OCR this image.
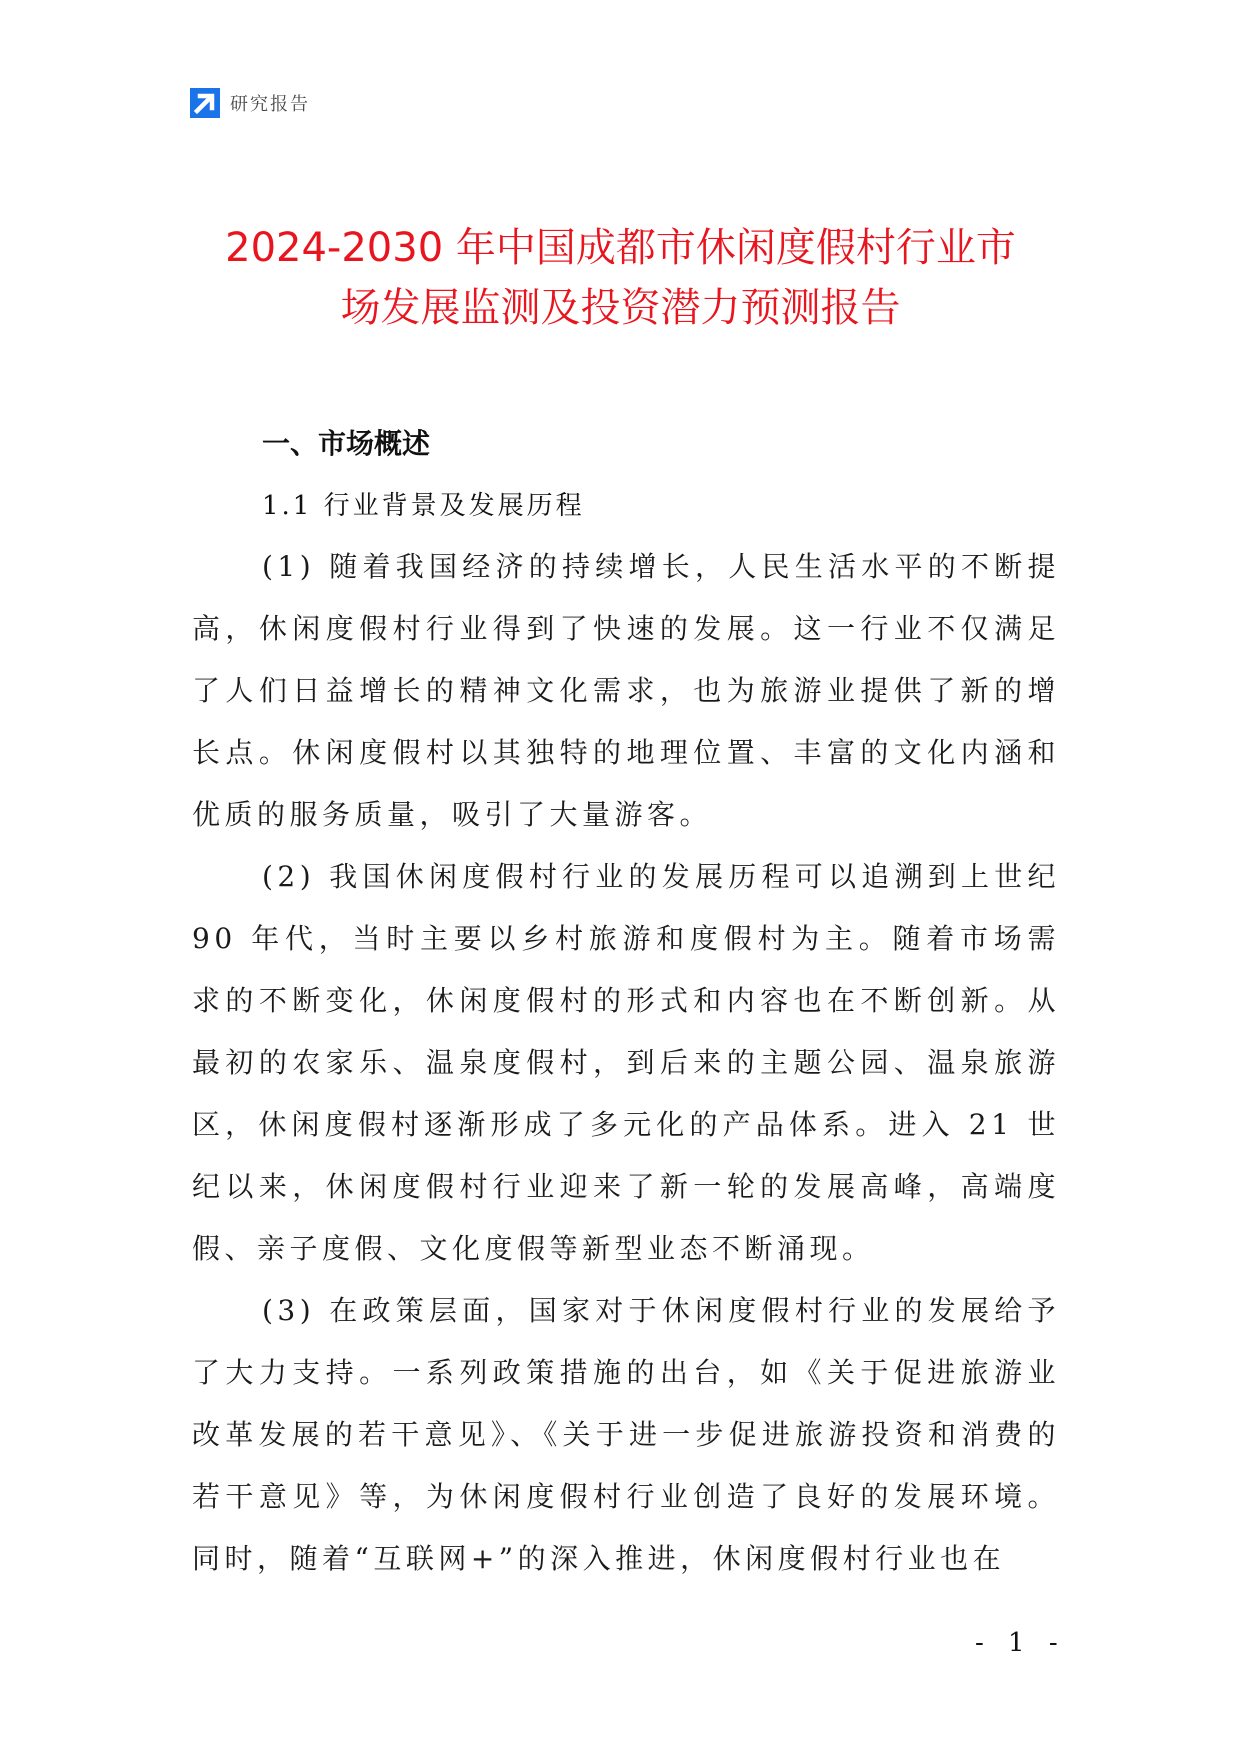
研究报告
2024-2030 年中国成都市休闲度假村行业市
场发展监测及投资潜力预测报告
一、市场概述
1.1 行业背景及发展历程

(1) 随着我国经济的持续增长，人民生活水平的不断提高，休闲度假村行业得到了快速的发展。这一行业不仅满足了人们日益增长的精神文化需求，也为旅游业提供了新的增长点。休闲度假村以其独特的地理位置、丰富的文化内涵和优质的服务质量，吸引了大量游客。

(2) 我国休闲度假村行业的发展历程可以追溯到上世纪 90 年代，当时主要以乡村旅游和度假村为主。随着市场需求的不断变化，休闲度假村的形式和内容也在不断创新。从最初的农家乐、温泉度假村，到后来的主题公园、温泉旅游区，休闲度假村逐渐形成了多元化的产品体系。进入 21 世纪以来，休闲度假村行业迎来了新一轮的发展高峰，高端度假、亲子度假、文化度假等新型业态不断涌现。

(3) 在政策层面，国家对于休闲度假村行业的发展给予了大力支持。一系列政策措施的出台，如《关于促进旅游业改革发展的若干意见》、《关于进一步促进旅游投资和消费的若干意见》等，为休闲度假村行业创造了良好的发展环境。同时，随着“互联网+”的深入推进，休闲度假村行业也在

- 1 -
